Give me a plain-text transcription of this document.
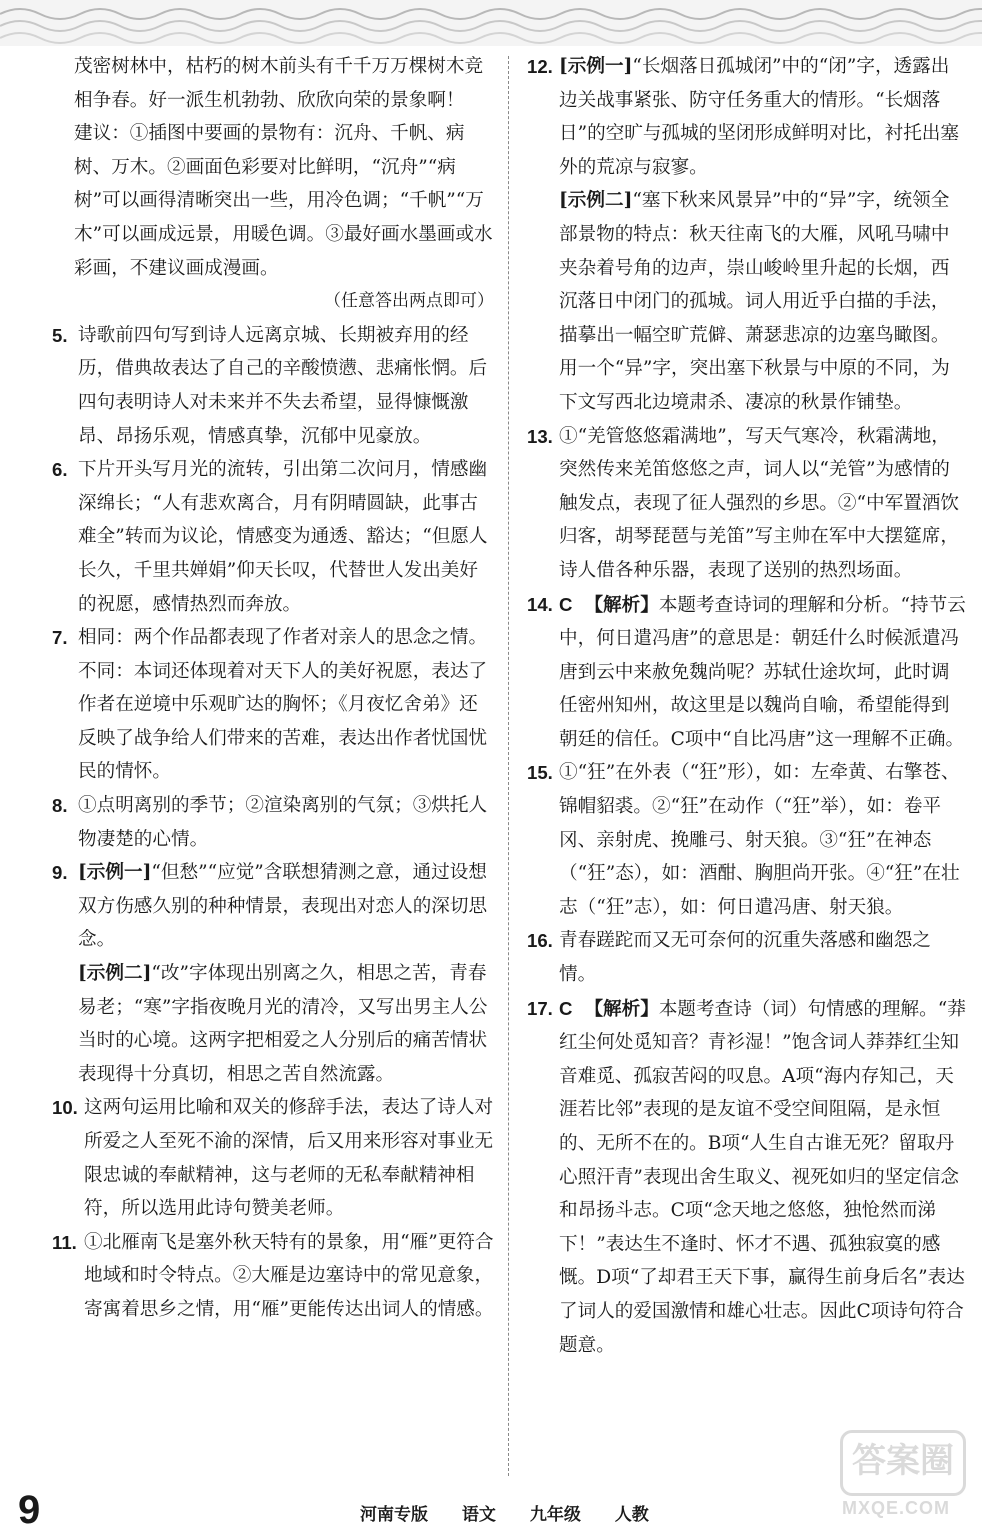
茂密树林中，枯朽的树木前头有千千万万棵树木竞相争春。好一派生机勃勃、欣欣向荣的景象啊！

建议：①插图中要画的景物有：沉舟、千帆、病树、万木。②画面色彩要对比鲜明，“沉舟”“病树”可以画得清晰突出一些，用冷色调；“千帆”“万木”可以画成远景，用暖色调。③最好画水墨画或水彩画，不建议画成漫画。

（任意答出两点即可）

5. 诗歌前四句写到诗人远离京城、长期被弃用的经历，借典故表达了自己的辛酸愤懑、悲痛怅惘。后四句表明诗人对未来并不失去希望，显得慷慨激昂、昂扬乐观，情感真挚，沉郁中见豪放。

6. 下片开头写月光的流转，引出第二次问月，情感幽深绵长；“人有悲欢离合，月有阴晴圆缺，此事古难全”转而为议论，情感变为通透、豁达；“但愿人长久，千里共婵娟”仰天长叹，代替世人发出美好的祝愿，感情热烈而奔放。

7. 相同：两个作品都表现了作者对亲人的思念之情。 不同：本词还体现着对天下人的美好祝愿，表达了作者在逆境中乐观旷达的胸怀；《月夜忆舍弟》还反映了战争给人们带来的苦难，表达出作者忧国忧民的情怀。

8. ①点明离别的季节；②渲染离别的气氛；③烘托人物凄楚的心情。

9. [示例一]“但愁”“应觉”含联想猜测之意，通过设想双方伤感久别的种种情景，表现出对恋人的深切思念。

[示例二]“改”字体现出别离之久，相思之苦，青春易老；“寒”字指夜晚月光的清冷，又写出男主人公当时的心境。这两字把相爱之人分别后的痛苦情状表现得十分真切，相思之苦自然流露。

10. 这两句运用比喻和双关的修辞手法，表达了诗人对所爱之人至死不渝的深情，后又用来形容对事业无限忠诚的奉献精神，这与老师的无私奉献精神相符，所以选用此诗句赞美老师。

11. ①北雁南飞是塞外秋天特有的景象，用“雁”更符合地域和时令特点。②大雁是边塞诗中的常见意象，寄寓着思乡之情，用“雁”更能传达出词人的情感。

12. [示例一]“长烟落日孤城闭”中的“闭”字，透露出边关战事紧张、防守任务重大的情形。“长烟落日”的空旷与孤城的坚闭形成鲜明对比，衬托出塞外的荒凉与寂寥。

[示例二]“塞下秋来风景异”中的“异”字，统领全部景物的特点：秋天往南飞的大雁，风吼马啸中夹杂着号角的边声，崇山峻岭里升起的长烟，西沉落日中闭门的孤城。词人用近乎白描的手法，描摹出一幅空旷荒僻、萧瑟悲凉的边塞鸟瞰图。用一个“异”字，突出塞下秋景与中原的不同，为下文写西北边境肃杀、凄凉的秋景作铺垫。

13. ①“羌管悠悠霜满地”，写天气寒冷，秋霜满地，突然传来羌笛悠悠之声，词人以“羌管”为感情的触发点，表现了征人强烈的乡思。②“中军置酒饮归客，胡琴琵琶与羌笛”写主帅在军中大摆筵席，诗人借各种乐器，表现了送别的热烈场面。

14. C 【解析】本题考查诗词的理解和分析。“持节云中，何日遣冯唐”的意思是：朝廷什么时候派遣冯唐到云中来赦免魏尚呢？苏轼仕途坎坷，此时调任密州知州，故这里是以魏尚自喻，希望能得到朝廷的信任。C项中“自比冯唐”这一理解不正确。

15. ①“狂”在外表（“狂”形），如：左牵黄、右擎苍、锦帽貂裘。②“狂”在动作（“狂”举），如：卷平冈、亲射虎、挽雕弓、射天狼。③“狂”在神态（“狂”态），如：酒酣、胸胆尚开张。④“狂”在壮志（“狂”志），如：何日遣冯唐、射天狼。

16. 青春蹉跎而又无可奈何的沉重失落感和幽怨之情。

17. C 【解析】本题考查诗（词）句情感的理解。“莽红尘何处觅知音？青衫湿！”饱含词人莽莽红尘知音难觅、孤寂苦闷的叹息。A项“海内存知己，天涯若比邻”表现的是友谊不受空间阻隔，是永恒的、无所不在的。B项“人生自古谁无死？留取丹心照汗青”表现出舍生取义、视死如归的坚定信念和昂扬斗志。C项“念天地之悠悠，独怆然而涕下！”表达生不逢时、怀才不遇、孤独寂寞的感慨。D项“了却君王天下事，赢得生前身后名”表达了词人的爱国激情和雄心壮志。因此C项诗句符合题意。

答案圈
MXQE.COM
9	河南专版 语文 九年级 人教
